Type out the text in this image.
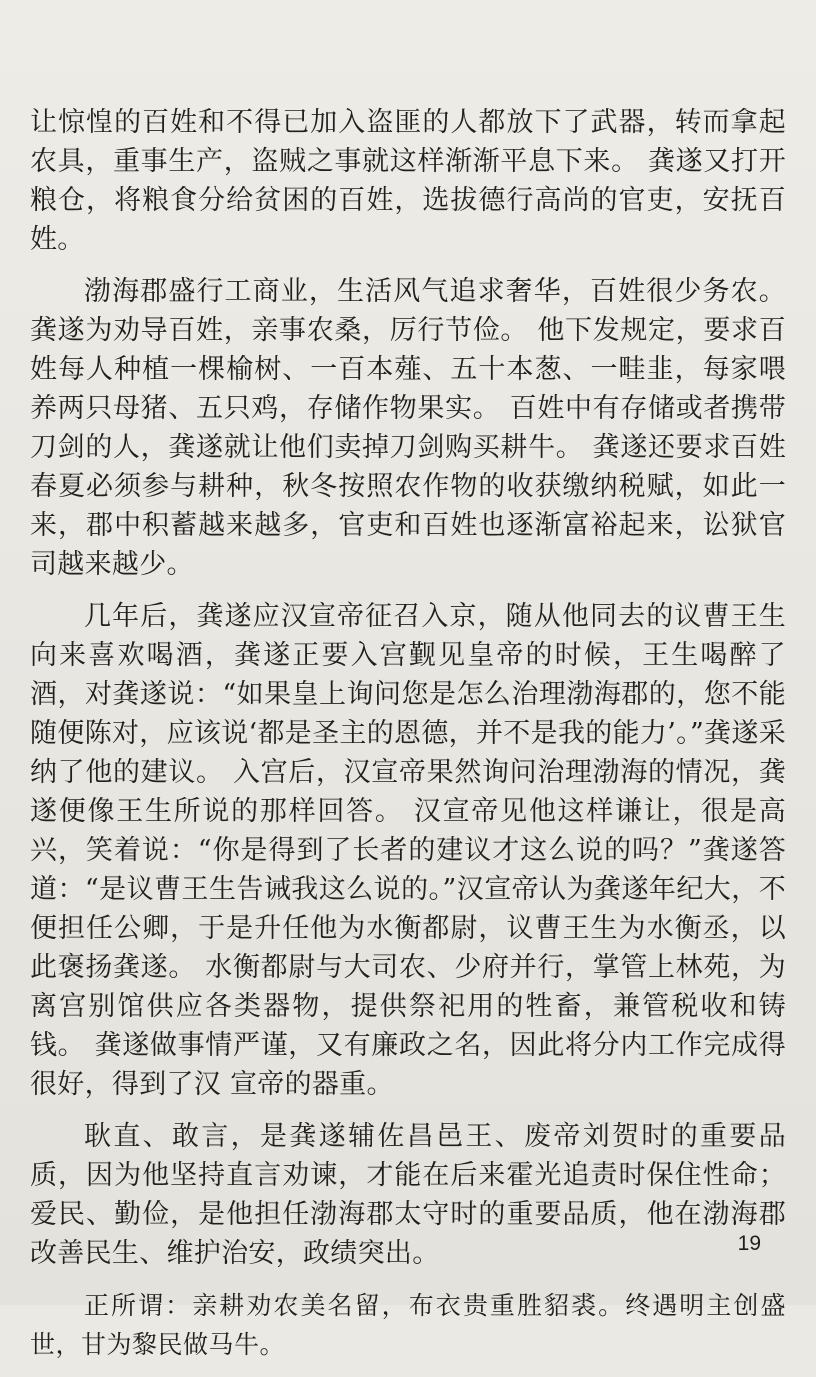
让惊惶的百姓和不得已加入盗匪的人都放下了武器，转而拿起农具，重事生产，盗贼之事就这样渐渐平息下来。 龚遂又打开粮仓，将粮食分给贫困的百姓，选拔德行高尚的官吏，安抚百姓。

渤海郡盛行工商业，生活风气追求奢华，百姓很少务农。 龚遂为劝导百姓，亲事农桑，厉行节俭。 他下发规定，要求百姓每人种植一棵榆树、一百本薤、五十本葱、一畦韭，每家喂养两只母猪、五只鸡，存储作物果实。 百姓中有存储或者携带刀剑的人，龚遂就让他们卖掉刀剑购买耕牛。 龚遂还要求百姓春夏必须参与耕种，秋冬按照农作物的收获缴纳税赋，如此一来，郡中积蓄越来越多，官吏和百姓也逐渐富裕起来，讼狱官司越来越少。

几年后，龚遂应汉宣帝征召入京，随从他同去的议曹王生向来喜欢喝酒，龚遂正要入宫觐见皇帝的时候，王生喝醉了酒，对龚遂说：“如果皇上询问您是怎么治理渤海郡的，您不能随便陈对，应该说‘都是圣主的恩德，并不是我的能力’。”龚遂采纳了他的建议。 入宫后，汉宣帝果然询问治理渤海的情况，龚遂便像王生所说的那样回答。 汉宣帝见他这样谦让，很是高兴，笑着说：“你是得到了长者的建议才这么说的吗？”龚遂答道：“是议曹王生告诫我这么说的。”汉宣帝认为龚遂年纪大，不便担任公卿，于是升任他为水衡都尉，议曹王生为水衡丞，以此褒扬龚遂。 水衡都尉与大司农、少府并行，掌管上林苑，为离宫别馆供应各类器物，提供祭祀用的牲畜，兼管税收和铸钱。 龚遂做事情严谨，又有廉政之名，因此将分内工作完成得很好，得到了汉 宣帝的器重。

耿直、敢言，是龚遂辅佐昌邑王、废帝刘贺时的重要品质，因为他坚持直言劝谏，才能在后来霍光追责时保住性命；爱民、勤俭，是他担任渤海郡太守时的重要品质，他在渤海郡改善民生、维护治安，政绩突出。

正所谓：亲耕劝农美名留，布衣贵重胜貂裘。终遇明主创盛世，甘为黎民做马牛。

19
